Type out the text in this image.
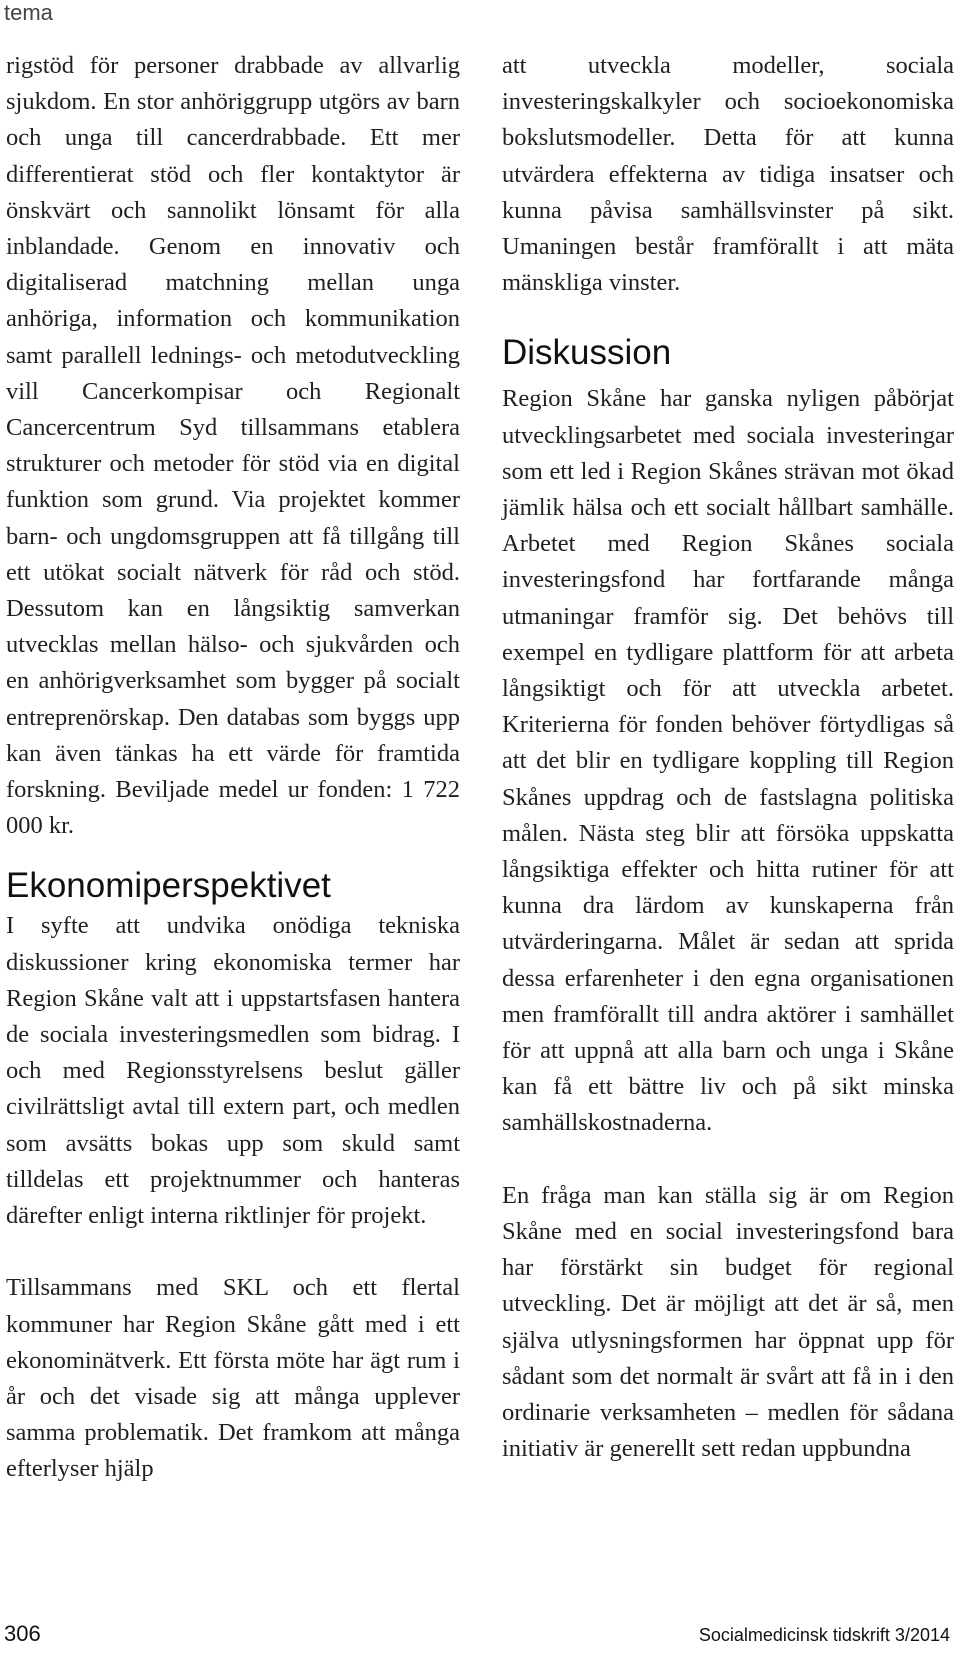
tema

rigstöd för personer drabbade av allvarlig sjukdom. En stor anhöriggrupp utgörs av barn och unga till cancerdrabbade. Ett mer differentierat stöd och fler kontaktytor är önskvärt och sannolikt lönsamt för alla inblandade. Genom en innovativ och digitaliserad matchning mellan unga anhöriga, information och kommunikation samt parallell lednings- och metodutveckling vill Cancerkompisar och Regionalt Cancercentrum Syd tillsammans etablera strukturer och metoder för stöd via en digital funktion som grund. Via projektet kommer barn- och ungdomsgruppen att få tillgång till ett utökat socialt nätverk för råd och stöd. Dessutom kan en långsiktig samverkan utvecklas mellan hälso- och sjukvården och en anhörigverksamhet som bygger på socialt entreprenörskap. Den databas som byggs upp kan även tänkas ha ett värde för framtida forskning. Beviljade medel ur fonden: 1 722 000 kr.

Ekonomiperspektivet

I syfte att undvika onödiga tekniska diskussioner kring ekonomiska termer har Region Skåne valt att i uppstartsfasen hantera de sociala investeringsmedlen som bidrag. I och med Regionsstyrelsens beslut gäller civilrättsligt avtal till extern part, och medlen som avsätts bokas upp som skuld samt tilldelas ett projektnummer och hanteras därefter enligt interna riktlinjer för projekt.

Tillsammans med SKL och ett flertal kommuner har Region Skåne gått med i ett ekonominätverk. Ett första möte har ägt rum i år och det visade sig att många upplever samma problematik. Det framkom att många efterlyser hjälp

att utveckla modeller, sociala investeringskalkyler och socioekonomiska bokslutsmodeller. Detta för att kunna utvärdera effekterna av tidiga insatser och kunna påvisa samhällsvinster på sikt. Umaningen består framförallt i att mäta mänskliga vinster.

Diskussion

Region Skåne har ganska nyligen påbörjat utvecklingsarbetet med sociala investeringar som ett led i Region Skånes strävan mot ökad jämlik hälsa och ett socialt hållbart samhälle. Arbetet med Region Skånes sociala investeringsfond har fortfarande många utmaningar framför sig. Det behövs till exempel en tydligare plattform för att arbeta långsiktigt och för att utveckla arbetet. Kriterierna för fonden behöver förtydligas så att det blir en tydligare koppling till Region Skånes uppdrag och de fastslagna politiska målen. Nästa steg blir att försöka uppskatta långsiktiga effekter och hitta rutiner för att kunna dra lärdom av kunskaperna från utvärderingarna. Målet är sedan att sprida dessa erfarenheter i den egna organisationen men framförallt till andra aktörer i samhället för att uppnå att alla barn och unga i Skåne kan få ett bättre liv och på sikt minska samhällskostnaderna.

En fråga man kan ställa sig är om Region Skåne med en social investeringsfond bara har förstärkt sin budget för regional utveckling. Det är möjligt att det är så, men själva utlysningsformen har öppnat upp för sådant som det normalt är svårt att få in i den ordinarie verksamheten – medlen för sådana initiativ är generellt sett redan uppbundna

306	Socialmedicinsk tidskrift 3/2014
